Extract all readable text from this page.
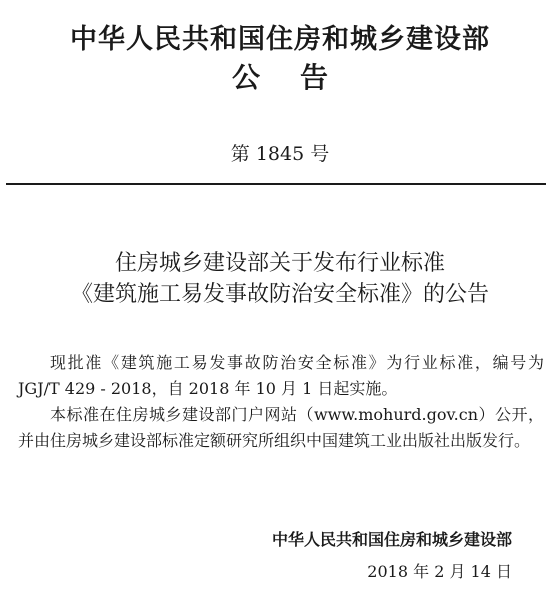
中华人民共和国住房和城乡建设部
公告
第 1845 号
住房城乡建设部关于发布行业标准
《建筑施工易发事故防治安全标准》的公告

现批准《建筑施工易发事故防治安全标准》为行业标准，编号为 JGJ/T 429 - 2018，自 2018 年 10 月 1 日起实施。

本标准在住房城乡建设部门户网站（www.mohurd.gov.cn）公开，并由住房城乡建设部标准定额研究所组织中国建筑工业出版社出版发行。

中华人民共和国住房和城乡建设部
2018 年 2 月 14 日
